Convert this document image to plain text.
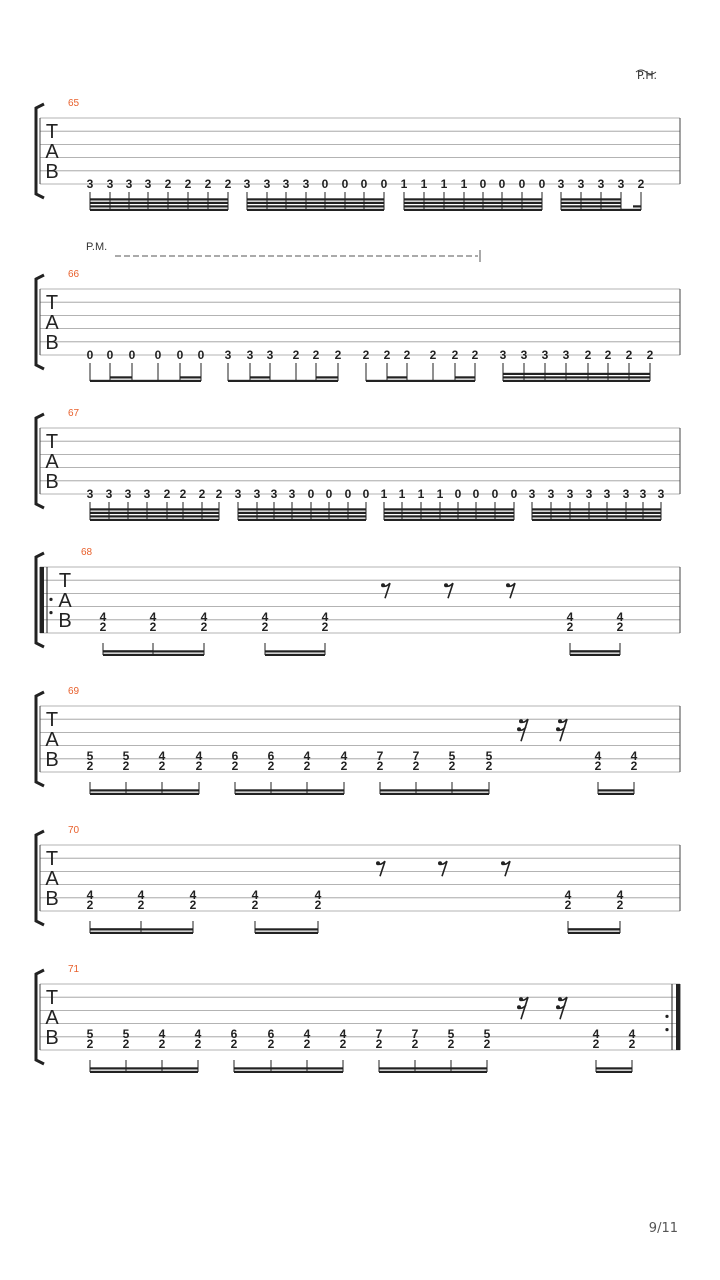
P.H.
P.M.
T
A
B
65
3 3 3 3 2 2 2 2 3 3 3 3 0 0 0 0 1 1 1 1 0 0 0 0 3 3 3 3 2
T
A
B
66
0 0 0 0 0 0 3 3 3 2 2 2 2 2 2 2 2 2 3 3 3 3 2 2 2 2
T
A
B
67
3 3 3 3 2 2 2 2 3 3 3 3 0 0 0 0 1 1 1 1 0 0 0 0 3 3 3 3 3 3 3 3
T
A
B
68
4
2
4
2
4
2
4
2
4
2
4
2
4
2
T
A
B
69
5
2
5
2
4
2
4
2
6
2
6
2
4
2
4
2
7
2
7
2
5
2
5
2
4
2
4
2
T
A
B
70
4
2
4
2
4
2
4
2
4
2
4
2
4
2
T
A
B
71
5
2
5
2
4
2
4
2
6
2
6
2
4
2
4
2
7
2
7
2
5
2
5
2
4
2
4
2
9/11
